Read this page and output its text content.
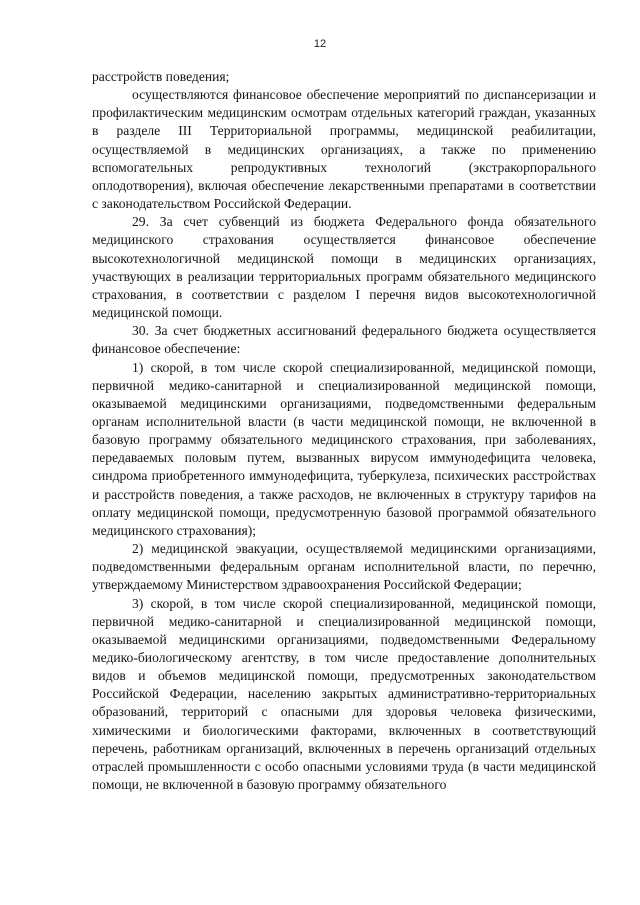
12

расстройств поведения;

осуществляются финансовое обеспечение мероприятий по диспансеризации и профилактическим медицинским осмотрам отдельных категорий граждан, указанных в разделе III Территориальной программы, медицинской реабилитации, осуществляемой в медицинских организациях, а также по применению вспомогательных репродуктивных технологий (экстракорпорального оплодотворения), включая обеспечение лекарственными препаратами в соответствии с законодательством Российской Федерации.

29. За счет субвенций из бюджета Федерального фонда обязательного медицинского страхования осуществляется финансовое обеспечение высокотехнологичной медицинской помощи в медицинских организациях, участвующих в реализации территориальных программ обязательного медицинского страхования, в соответствии с разделом I перечня видов высокотехнологичной медицинской помощи.

30. За счет бюджетных ассигнований федерального бюджета осуществляется финансовое обеспечение:

1) скорой, в том числе скорой специализированной, медицинской помощи, первичной медико-санитарной и специализированной медицинской помощи, оказываемой медицинскими организациями, подведомственными федеральным органам исполнительной власти (в части медицинской помощи, не включенной в базовую программу обязательного медицинского страхования, при заболеваниях, передаваемых половым путем, вызванных вирусом иммунодефицита человека, синдрома приобретенного иммунодефицита, туберкулеза, психических расстройствах и расстройств поведения, а также расходов, не включенных в структуру тарифов на оплату медицинской помощи, предусмотренную базовой программой обязательного медицинского страхования);

2) медицинской эвакуации, осуществляемой медицинскими организациями, подведомственными федеральным органам исполнительной власти, по перечню, утверждаемому Министерством здравоохранения Российской Федерации;

3) скорой, в том числе скорой специализированной, медицинской помощи, первичной медико-санитарной и специализированной медицинской помощи, оказываемой медицинскими организациями, подведомственными Федеральному медико-биологическому агентству, в том числе предоставление дополнительных видов и объемов медицинской помощи, предусмотренных законодательством Российской Федерации, населению закрытых административно-территориальных образований, территорий с опасными для здоровья человека физическими, химическими и биологическими факторами, включенных в соответствующий перечень, работникам организаций, включенных в перечень организаций отдельных отраслей промышленности с особо опасными условиями труда (в части медицинской помощи, не включенной в базовую программу обязательного
